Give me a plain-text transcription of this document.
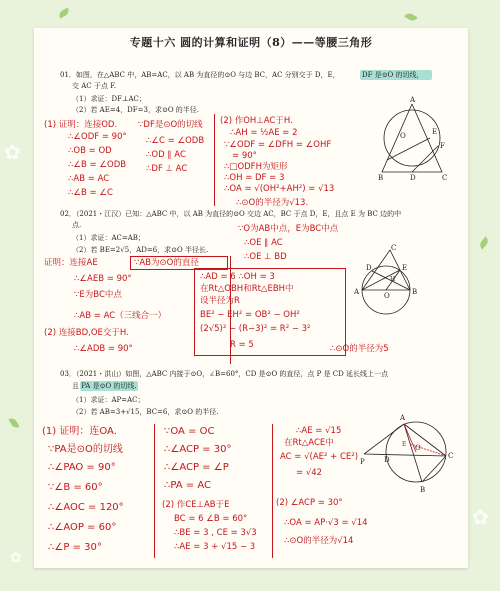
✿
✿
✿
专题十六 圆的计算和证明（8）——等腰三角形
01．如图，在△ABC 中，AB=AC，以 AB 为直径的⊙O 与边 BC，AC 分别交于 D，E，	DF 是⊙O 的切线，
交 AC 于点 F.
（1）求证：DF⊥AC；
（2）若 AE=4，DF=3，求⊙O 的半径.
(1) 证明：连接OD.
∴∠ODF = 90°
∴OB = OD
∴∠B = ∠ODB
∴AB = AC
∴∠B = ∠C
∵DF是⊙O的切线
∴∠C = ∠ODB
∴OD ∥ AC
∴DF ⊥ AC
(2) 作OH⊥AC于H.
∴AH = ½AE = 2
∵∠ODF = ∠DFH = ∠OHF
= 90°
∴□ODFH为矩形
∴OH = DF = 3
∴OA = √(OH²+AH²) = √13
∴⊙O的半径为√13.
A
O	E
F
B	D	C
02．（2021・江汉）已知：△ABC 中，以 AB 为直径的⊙O 交边 AC，BC 于点 D，E，且点 E 为 BC 边的中
点.
（1）求证：AC=AB；
（2）若 BE=2√5，AD=6，求⊙O 半径长.
证明：连接AE	∵AB为⊙O的直径
∴∠AEB = 90°
∵E为BC中点
∴AB = AC（三线合一）
(2) 连接BD,OE交于H.
∴∠ADB = 90°
∵O为AB中点，E为BC中点
∴OE ∥ AC
∴OE ⊥ BD
∴AD = 6 ∴OH = 3
在Rt△OBH和Rt△EBH中
设半径为R
BE² − EH² = OB² − OH²
(2√5)² − (R−3)² = R² − 3²
R = 5	∴⊙O的半径为5
C
A
D	E
H
O	B
03．（2021・洪山）如图，△ABC 内接于⊙O，∠B=60°，CD 是⊙O 的直径，点 P 是 CD 延长线上一点
且 PA 是⊙O 的切线.
（1）求证：AP=AC；
（2）若 AB=3+√15，BC=6，求⊙O 的半径.
(1) 证明：连OA.
∵PA是⊙O的切线
∴∠PAO = 90°
∵∠B = 60°
∴∠AOC = 120°
∴∠AOP = 60°
∴∠P = 30°
∵OA = OC
∴∠ACP = 30°
∴∠ACP = ∠P
∴PA = AC
(2) 作CE⊥AB于E
BC = 6 ∠B = 60°
∴BE = 3 , CE = 3√3
∴AE = 3 + √15 − 3
∴AE = √15
在Rt△ACE中
AC = √(AE² + CE²)
= √42
(2) ∠ACP = 30°
∴OA = AP·√3 = √14
∴⊙O的半径为√14
A
E O
D
B
C
P
